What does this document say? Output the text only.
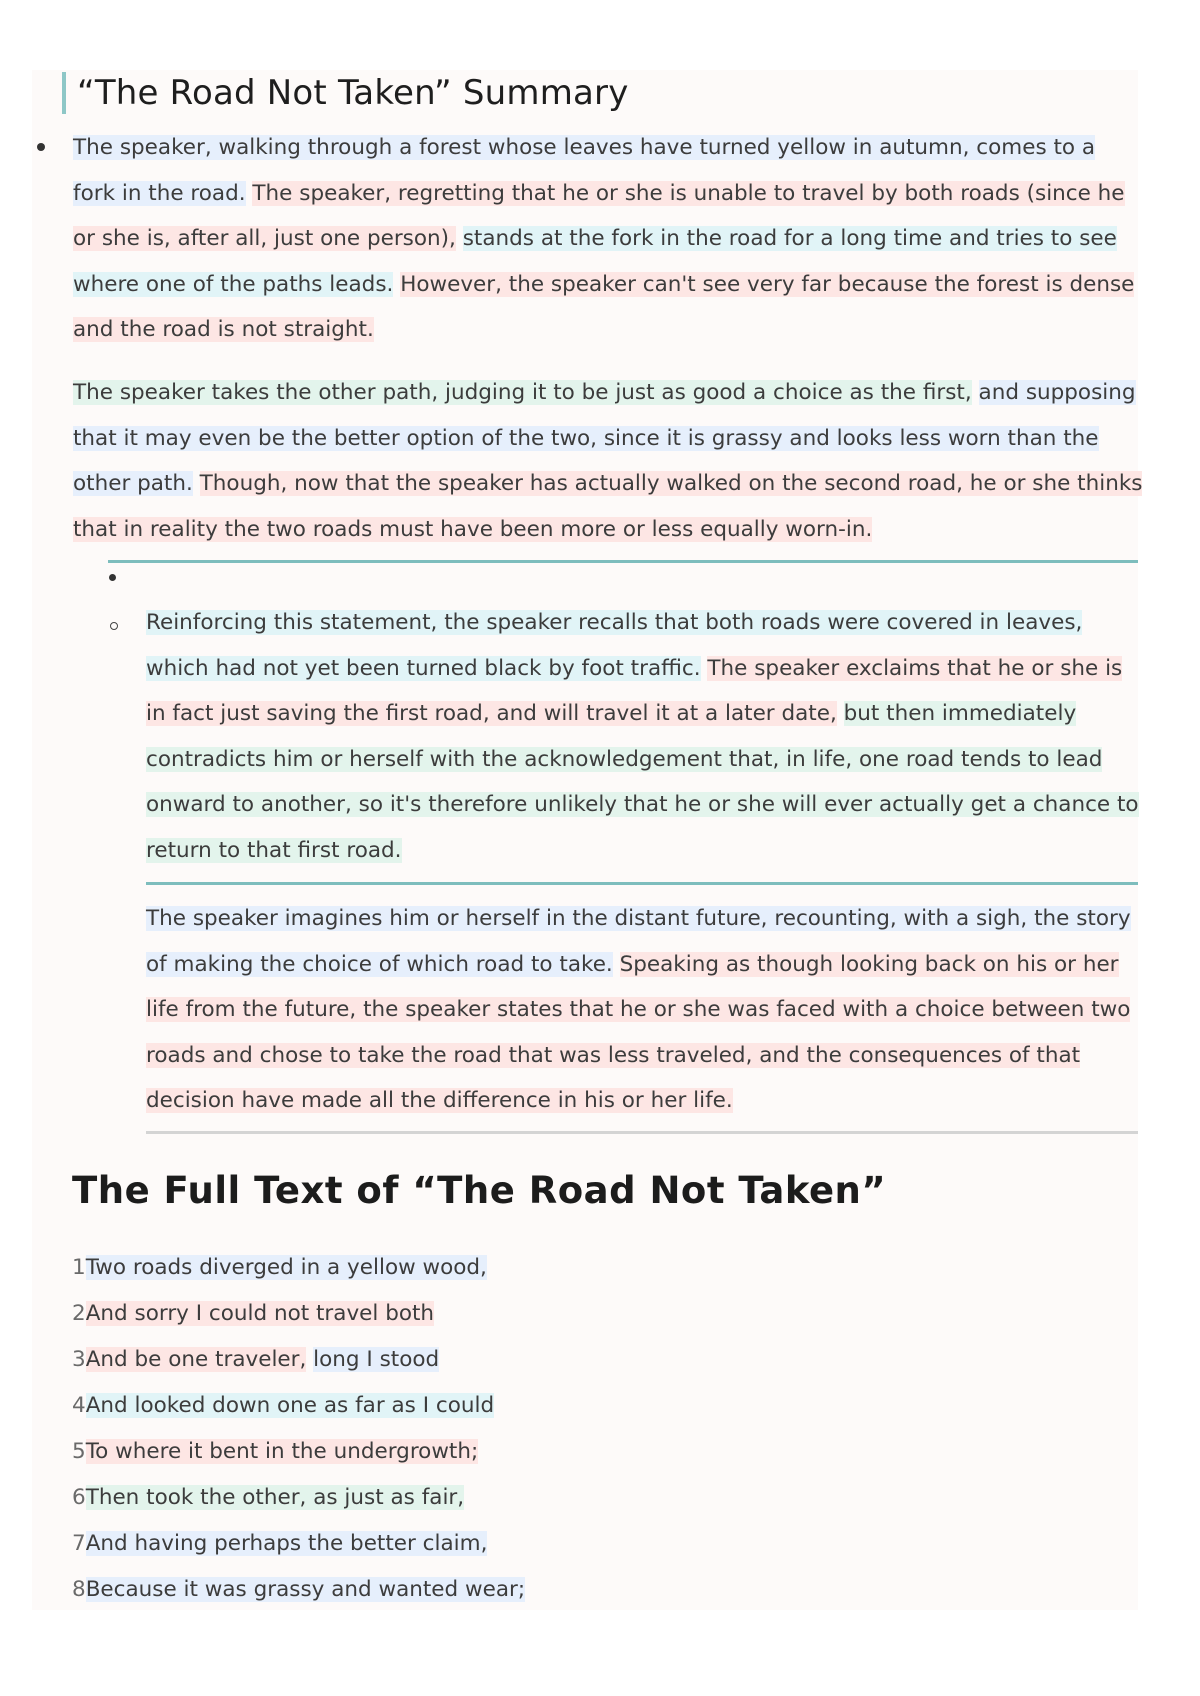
“The Road Not Taken” Summary
The speaker, walking through a forest whose leaves have turned yellow in autumn, comes to a fork in the road. The speaker, regretting that he or she is unable to travel by both roads (since he or she is, after all, just one person), stands at the fork in the road for a long time and tries to see where one of the paths leads. However, the speaker can't see very far because the forest is dense and the road is not straight.
The speaker takes the other path, judging it to be just as good a choice as the first, and supposing that it may even be the better option of the two, since it is grassy and looks less worn than the other path. Though, now that the speaker has actually walked on the second road, he or she thinks that in reality the two roads must have been more or less equally worn-in.
Reinforcing this statement, the speaker recalls that both roads were covered in leaves, which had not yet been turned black by foot traffic. The speaker exclaims that he or she is in fact just saving the first road, and will travel it at a later date, but then immediately contradicts him or herself with the acknowledgement that, in life, one road tends to lead onward to another, so it's therefore unlikely that he or she will ever actually get a chance to return to that first road.
The speaker imagines him or herself in the distant future, recounting, with a sigh, the story of making the choice of which road to take. Speaking as though looking back on his or her life from the future, the speaker states that he or she was faced with a choice between two roads and chose to take the road that was less traveled, and the consequences of that decision have made all the difference in his or her life.
The Full Text of “The Road Not Taken”
1Two roads diverged in a yellow wood,
2And sorry I could not travel both
3And be one traveler, long I stood
4And looked down one as far as I could
5To where it bent in the undergrowth;
6Then took the other, as just as fair,
7And having perhaps the better claim,
8Because it was grassy and wanted wear;
